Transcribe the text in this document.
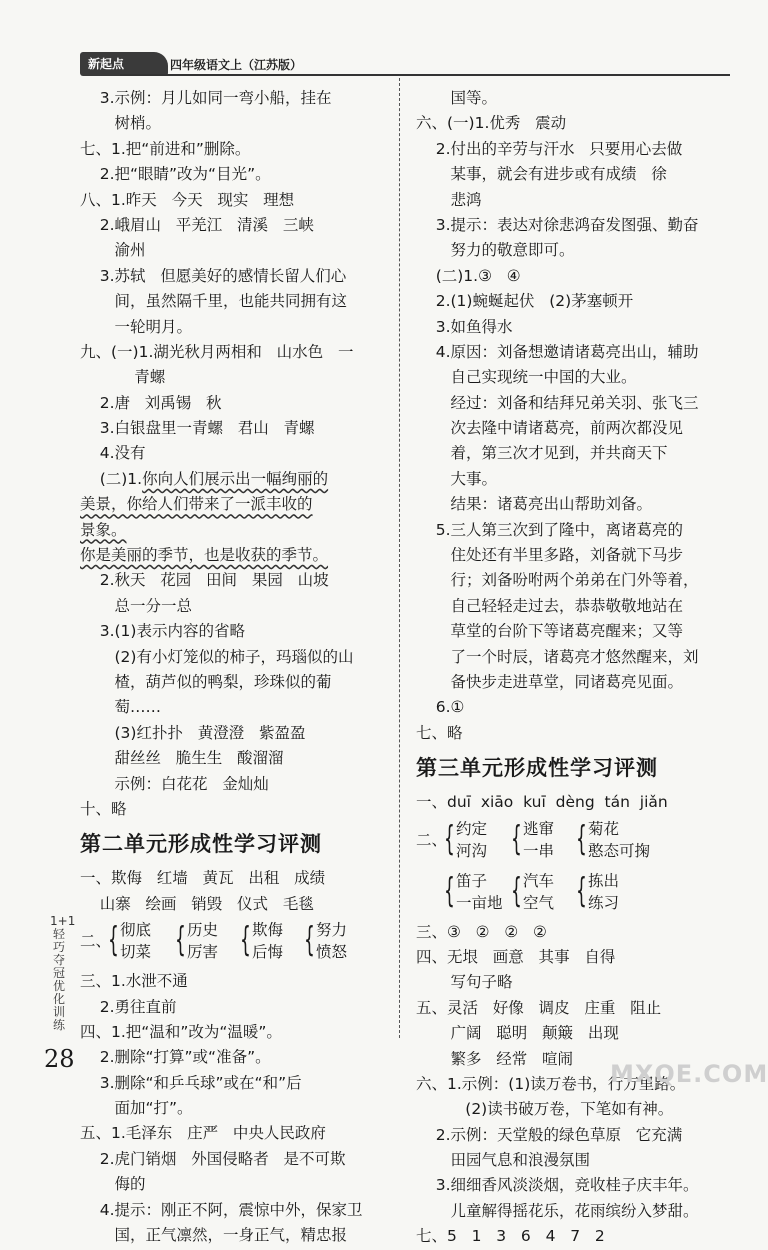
新起点	四年级语文上（江苏版）
3.示例：月儿如同一弯小船，挂在
树梢。
七、1.把“前进和”删除。
2.把“眼睛”改为“目光”。
八、1.昨天   今天   现实   理想
2.峨眉山   平羌江   清溪   三峡
渝州
3.苏轼   但愿美好的感情长留人们心
间，虽然隔千里，也能共同拥有这
一轮明月。
九、(一)1.湖光秋月两相和   山水色   一
青螺
2.唐   刘禹锡   秋
3.白银盘里一青螺   君山   青螺
4.没有
(二)1.你向人们展示出一幅绚丽的
美景，你给人们带来了一派丰收的
景象。
你是美丽的季节，也是收获的季节。
2.秋天   花园   田间   果园   山坡
总一分一总
3.(1)表示内容的省略
(2)有小灯笼似的柿子，玛瑙似的山
楂，葫芦似的鸭梨，珍珠似的葡
萄……
(3)红扑扑   黄澄澄   紫盈盈
甜丝丝   脆生生   酸溜溜
示例：白花花   金灿灿
十、略
第二单元形成性学习评测
一、欺侮   红墙   黄瓦   出租   成绩
山寨   绘画   销毁   仪式   毛毯
二、
{ 彻底
切菜 { 历史
厉害 { 欺侮
后悔 { 努力
愤怒
三、1.水泄不通
2.勇往直前
四、1.把“温和”改为“温暖”。
2.删除“打算”或“准备”。
3.删除“和乒乓球”或在“和”后
面加“打”。
五、1.毛泽东   庄严   中央人民政府
2.虎门销烟   外国侵略者   是不可欺
侮的
4.提示：刚正不阿，震惊中外，保家卫
国，正气凛然，一身正气，精忠报
国等。
六、(一)1.优秀   震动
2.付出的辛劳与汗水   只要用心去做
某事，就会有进步或有成绩   徐
悲鸿
3.提示：表达对徐悲鸿奋发图强、勤奋
努力的敬意即可。
(二)1.③   ④
2.(1)蜿蜒起伏   (2)茅塞顿开
3.如鱼得水
4.原因：刘备想邀请诸葛亮出山，辅助
自己实现统一中国的大业。
经过：刘备和结拜兄弟关羽、张飞三
次去隆中请诸葛亮，前两次都没见
着，第三次才见到，并共商天下
大事。
结果：诸葛亮出山帮助刘备。
5.三人第三次到了隆中，离诸葛亮的
住处还有半里多路，刘备就下马步
行；刘备吩咐两个弟弟在门外等着，
自己轻轻走过去，恭恭敬敬地站在
草堂的台阶下等诸葛亮醒来；又等
了一个时辰，诸葛亮才悠然醒来，刘
备快步走进草堂，同诸葛亮见面。
6.①
七、略
第三单元形成性学习评测
一、duī  xiāo  kuī  dèng  tán  jiǎn
二、
{ 约定
河沟 { 逃窜
一串 { 菊花
憨态可掬
{ 笛子
一亩地 { 汽车
空气 { 拣出
练习
三、③   ②   ②   ②
四、无垠   画意   其事   自得
写句子略
五、灵活   好像   调皮   庄重   阻止
广阔   聪明   颠簸   出现
繁多   经常   喧闹
六、1.示例：(1)读万卷书，行万里路。
(2)读书破万卷，下笔如有神。
2.示例：天堂般的绿色草原   它充满
田园气息和浪漫氛围
3.细细香风淡淡烟，竞收桂子庆丰年。
儿童解得摇花乐，花雨缤纷入梦甜。
七、5   1   3   6   4   7   2
1+1轻巧夺冠优化训练
28
MXQE.COM
